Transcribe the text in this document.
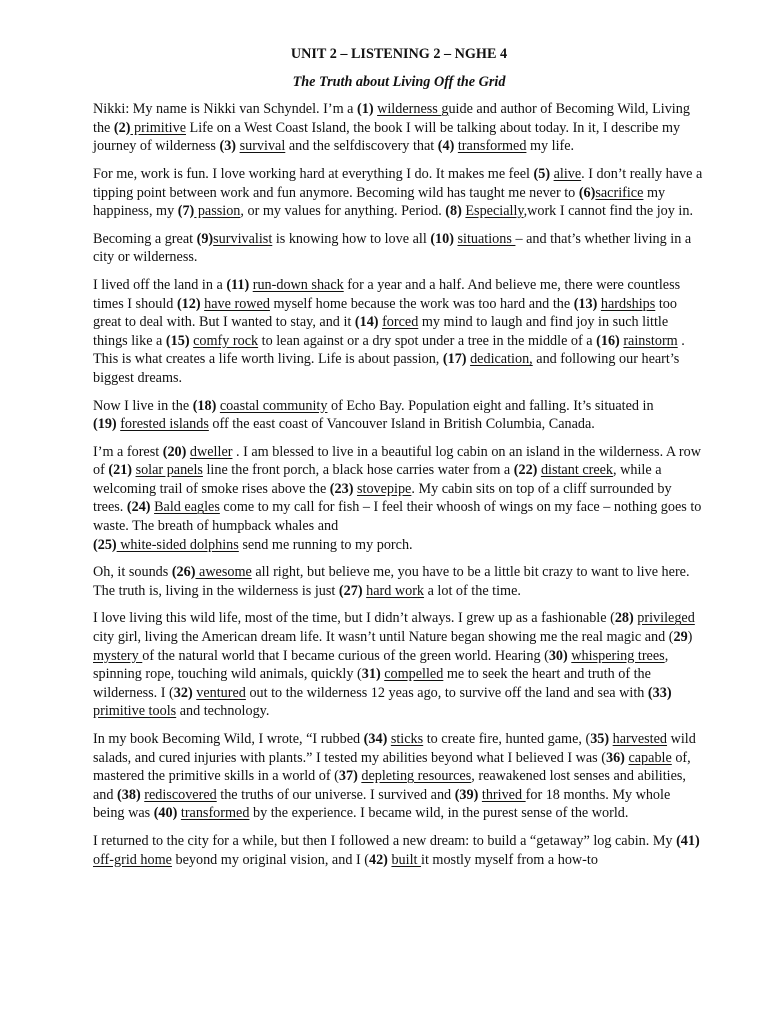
UNIT 2 – LISTENING 2 – NGHE 4
The Truth about Living Off the Grid

Nikki: My name is Nikki van Schyndel. I’m a (1) wilderness guide and author of Becoming Wild, Living the (2) primitive Life on a West Coast Island, the book I will be talking about today. In it, I describe my journey of wilderness (3) survival and the selfdiscovery that (4) transformed my life.

For me, work is fun. I love working hard at everything I do. It makes me feel (5) alive. I don’t really have a tipping point between work and fun anymore. Becoming wild has taught me never to (6)sacrifice my happiness, my (7) passion, or my values for anything. Period. (8) Especially,work I cannot find the joy in.

Becoming a great (9)survivalist is knowing how to love all (10) situations – and that’s whether living in a city or wilderness.

I lived off the land in a (11) run-down shack for a year and a half. And believe me, there were countless times I should (12) have rowed myself home because the work was too hard and the (13) hardships too great to deal with. But I wanted to stay, and it (14) forced my mind to laugh and find joy in such little things like a (15) comfy rock to lean against or a dry spot under a tree in the middle of a (16) rainstorm . This is what creates a life worth living. Life is about passion, (17) dedication, and following our heart’s biggest dreams.

Now I live in the (18) coastal community of Echo Bay. Population eight and falling. It’s situated in
(19) forested islands off the east coast of Vancouver Island in British Columbia, Canada.

I’m a forest (20) dweller . I am blessed to live in a beautiful log cabin on an island in the wilderness. A row of (21) solar panels line the front porch, a black hose carries water from a (22) distant creek, while a welcoming trail of smoke rises above the (23) stovepipe. My cabin sits on top of a cliff surrounded by trees. (24) Bald eagles come to my call for fish – I feel their whoosh of wings on my face – nothing goes to waste. The breath of humpback whales and
(25) white-sided dolphins send me running to my porch.

Oh, it sounds (26) awesome all right, but believe me, you have to be a little bit crazy to want to live here. The truth is, living in the wilderness is just (27) hard work a lot of the time.

I love living this wild life, most of the time, but I didn’t always. I grew up as a fashionable (28) privileged city girl, living the American dream life. It wasn’t until Nature began showing me the real magic and (29) mystery of the natural world that I became curious of the green world. Hearing (30) whispering trees, spinning rope, touching wild animals, quickly (31) compelled me to seek the heart and truth of the wilderness. I (32) ventured out to the wilderness 12 yeas ago, to survive off the land and sea with (33) primitive tools and technology.

In my book Becoming Wild, I wrote, “I rubbed (34) sticks to create fire, hunted game, (35) harvested wild salads, and cured injuries with plants.” I tested my abilities beyond what I believed I was (36) capable of, mastered the primitive skills in a world of (37) depleting resources, reawakened lost senses and abilities, and (38) rediscovered the truths of our universe. I survived and (39) thrived for 18 months. My whole being was (40) transformed by the experience. I became wild, in the purest sense of the world.

I returned to the city for a while, but then I followed a new dream: to build a “getaway” log cabin. My (41) off-grid home beyond my original vision, and I (42) built it mostly myself from a how-to
